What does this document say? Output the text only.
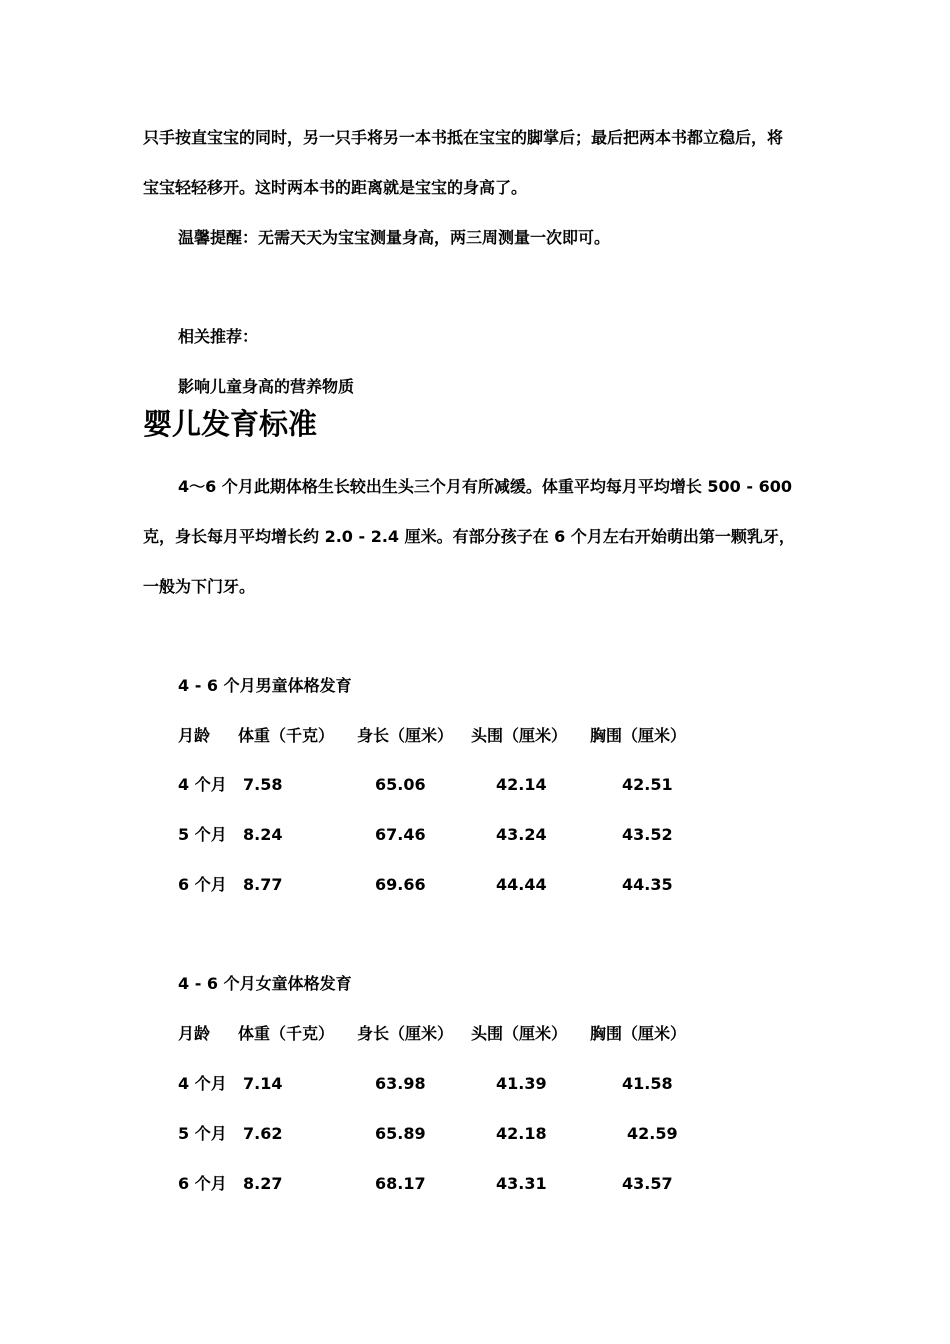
只手按直宝宝的同时，另一只手将另一本书抵在宝宝的脚掌后；最后把两本书都立稳后，将
宝宝轻轻移开。这时两本书的距离就是宝宝的身高了。
温馨提醒：无需天天为宝宝测量身高，两三周测量一次即可。
相关推荐：
影响儿童身高的营养物质
婴儿发育标准
4～6 个月此期体格生长较出生头三个月有所减缓。体重平均每月平均增长 500 - 600
克，身长每月平均增长约 2.0 - 2.4 厘米。有部分孩子在 6 个月左右开始萌出第一颗乳牙，
一般为下门牙。
4 - 6 个月男童体格发育
月龄 体重（千克） 身长（厘米） 头围（厘米） 胸围（厘米）
4 个月 7.58	65.06	42.14	42.51
5 个月 8.24	67.46	43.24	43.52
6 个月 8.77	69.66	44.44	44.35
4 - 6 个月女童体格发育
月龄 体重（千克） 身长（厘米） 头围（厘米） 胸围（厘米）
4 个月 7.14	63.98	41.39	41.58
5 个月 7.62	65.89	42.18	42.59
6 个月 8.27	68.17	43.31	43.57
